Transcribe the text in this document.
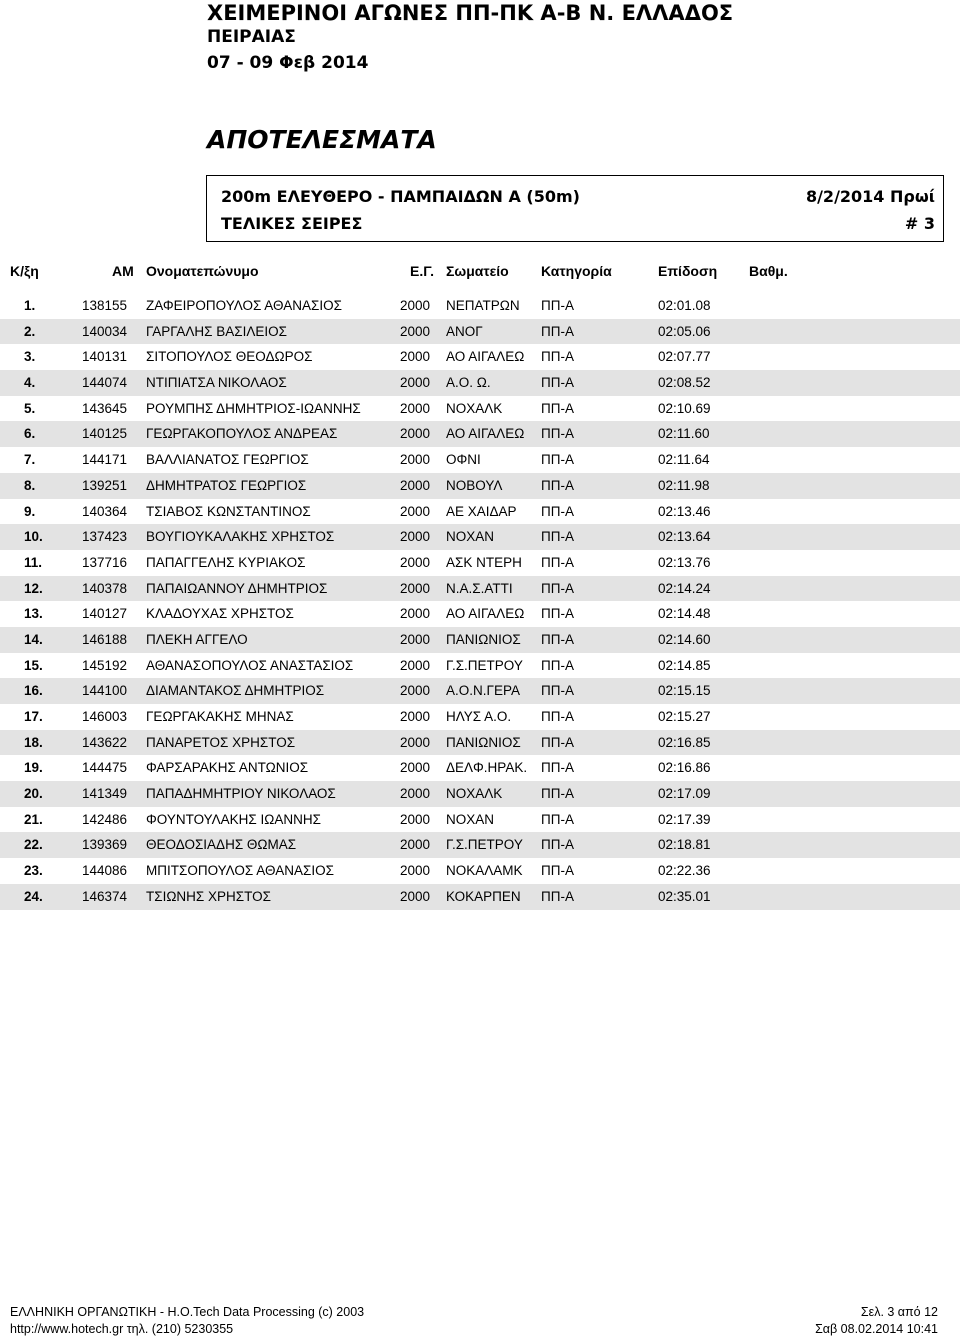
ΧΕΙΜΕΡΙΝΟΙ ΑΓΩΝΕΣ ΠΠ-ΠΚ Α-Β Ν. ΕΛΛΑΔΟΣ
ΠΕΙΡΑΙΑΣ
07 - 09 Φεβ 2014
ΑΠΟΤΕΛΕΣΜΑΤΑ
200m ΕΛΕΥΘΕΡΟ - ΠΑΜΠΑΙΔΩΝ Α (50m)	8/2/2014 Πρωί
ΤΕΛΙΚΕΣ ΣΕΙΡΕΣ	# 3
Κ/ξη	ΑΜ Ονοματεπώνυμο	Ε.Γ. Σωματείο Κατηγορία	Επίδοση Βαθμ.
1.	138155 ΖΑΦΕΙΡΟΠΟΥΛΟΣ ΑΘΑΝΑΣΙΟΣ	2000 ΝΕΠΑΤΡΩΝ ΠΠ-Α	02:01.08
2.	140034 ΓΑΡΓΑΛΗΣ ΒΑΣΙΛΕΙΟΣ	2000 ΑΝΟΓ	ΠΠ-Α	02:05.06
3.	140131 ΣΙΤΟΠΟΥΛΟΣ ΘΕΟΔΩΡΟΣ	2000 ΑΟ ΑΙΓΑΛΕΩ ΠΠ-Α	02:07.77
4.	144074 ΝΤΙΠΙΑΤΣΑ ΝΙΚΟΛΑΟΣ	2000 Α.Ο. Ω.	ΠΠ-Α	02:08.52
5.	143645 ΡΟΥΜΠΗΣ ΔΗΜΗΤΡΙΟΣ-ΙΩΑΝΝΗΣ	2000 ΝΟΧΑΛΚ	ΠΠ-Α	02:10.69
6.	140125 ΓΕΩΡΓΑΚΟΠΟΥΛΟΣ ΑΝΔΡΕΑΣ	2000 ΑΟ ΑΙΓΑΛΕΩ ΠΠ-Α	02:11.60
7.	144171 ΒΑΛΛΙΑΝΑΤΟΣ ΓΕΩΡΓΙΟΣ	2000 ΟΦΝΙ	ΠΠ-Α	02:11.64
8.	139251 ΔΗΜΗΤΡΑΤΟΣ ΓΕΩΡΓΙΟΣ	2000 ΝΟΒΟΥΛ	ΠΠ-Α	02:11.98
9.	140364 ΤΣΙΑΒΟΣ ΚΩΝΣΤΑΝΤΙΝΟΣ	2000 ΑΕ ΧΑΙΔΑΡ ΠΠ-Α	02:13.46
10.	137423 ΒΟΥΓΙΟΥΚΑΛΑΚΗΣ ΧΡΗΣΤΟΣ	2000 ΝΟΧΑΝ	ΠΠ-Α	02:13.64
11.	137716 ΠΑΠΑΓΓΕΛΗΣ ΚΥΡΙΑΚΟΣ	2000 ΑΣΚ ΝΤΕΡΗ ΠΠ-Α	02:13.76
12.	140378 ΠΑΠΑΙΩΑΝΝΟΥ ΔΗΜΗΤΡΙΟΣ	2000 Ν.Α.Σ.ΑΤΤΙ ΠΠ-Α	02:14.24
13.	140127 ΚΛΑΔΟΥΧΑΣ ΧΡΗΣΤΟΣ	2000 ΑΟ ΑΙΓΑΛΕΩ ΠΠ-Α	02:14.48
14.	146188 ΠΛΕΚΗ ΑΓΓΕΛΟ	2000 ΠΑΝΙΩΝΙΟΣ ΠΠ-Α	02:14.60
15.	145192 ΑΘΑΝΑΣΟΠΟΥΛΟΣ ΑΝΑΣΤΑΣΙΟΣ	2000 Γ.Σ.ΠΕΤΡΟΥ ΠΠ-Α	02:14.85
16.	144100 ΔΙΑΜΑΝΤΑΚΟΣ ΔΗΜΗΤΡΙΟΣ	2000 Α.Ο.Ν.ΓΕΡΑ ΠΠ-Α	02:15.15
17.	146003 ΓΕΩΡΓΑΚΑΚΗΣ ΜΗΝΑΣ	2000 ΗΛΥΣ Α.Ο. ΠΠ-Α	02:15.27
18.	143622 ΠΑΝΑΡΕΤΟΣ ΧΡΗΣΤΟΣ	2000 ΠΑΝΙΩΝΙΟΣ ΠΠ-Α	02:16.85
19.	144475 ΦΑΡΣΑΡΑΚΗΣ ΑΝΤΩΝΙΟΣ	2000 ΔΕΛΦ.ΗΡΑΚ. ΠΠ-Α	02:16.86
20.	141349 ΠΑΠΑΔΗΜΗΤΡΙΟΥ ΝΙΚΟΛΑΟΣ	2000 ΝΟΧΑΛΚ	ΠΠ-Α	02:17.09
21.	142486 ΦΟΥΝΤΟΥΛΑΚΗΣ ΙΩΑΝΝΗΣ	2000 ΝΟΧΑΝ	ΠΠ-Α	02:17.39
22.	139369 ΘΕΟΔΟΣΙΑΔΗΣ ΘΩΜΑΣ	2000 Γ.Σ.ΠΕΤΡΟΥ ΠΠ-Α	02:18.81
23.	144086 ΜΠΙΤΣΟΠΟΥΛΟΣ ΑΘΑΝΑΣΙΟΣ	2000 ΝΟΚΑΛΑΜΚ ΠΠ-Α	02:22.36
24.	146374 ΤΣΙΩΝΗΣ ΧΡΗΣΤΟΣ	2000 ΚΟΚΑΡΠΕΝ ΠΠ-Α	02:35.01
ΕΛΛΗΝΙΚΗ ΟΡΓΑΝΩΤΙΚΗ - Η.Ο.Tech Data Processing (c) 2003
http://www.hotech.gr τηλ. (210) 5230355
Σελ. 3 από 12
Σαβ 08.02.2014 10:41
